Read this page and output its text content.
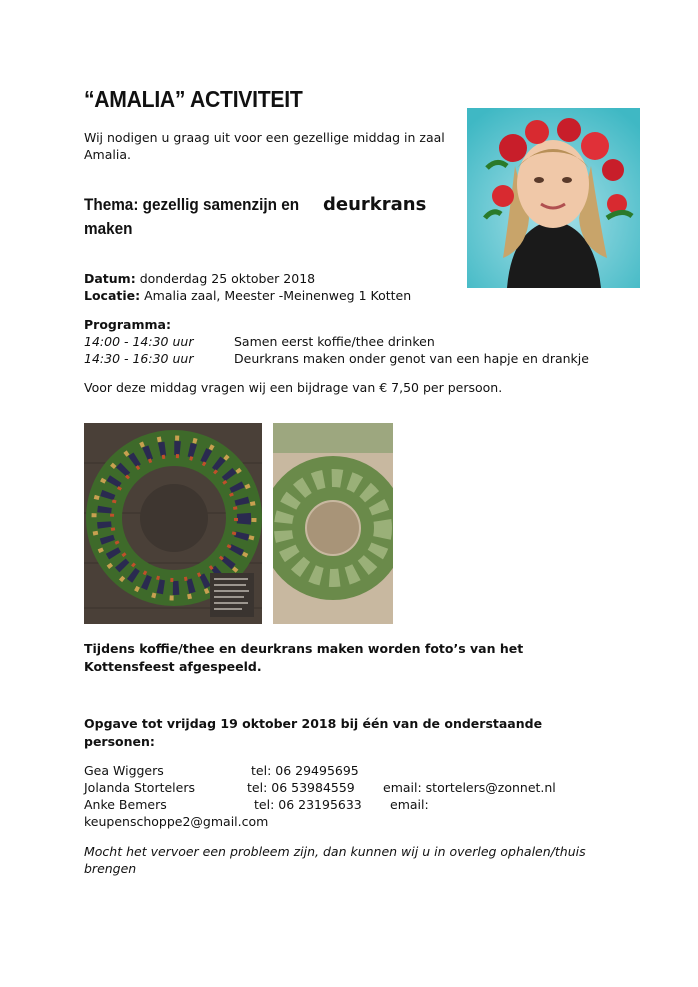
“AMALIA” ACTIVITEIT
Wij nodigen u graag uit voor een gezellige middag in zaal Amalia.
Thema: gezellig samenzijn endeurkrans
maken
Datum: donderdag 25 oktober 2018
Locatie: Amalia zaal, Meester -Meinenweg 1 Kotten
Programma:
14:00 - 14:30 uur	Samen eerst koffie/thee drinken
14:30 - 16:30 uur	Deurkrans maken onder genot van een hapje en drankje
Voor deze middag vragen wij een bijdrage van € 7,50 per persoon.
Tijdens koffie/thee en deurkrans maken worden foto’s van het Kottensfeest afgespeeld.
Opgave tot vrijdag 19 oktober 2018 bij één van de onderstaande personen:
Gea Wiggers	tel: 06 29495695
Jolanda Stortelers	tel: 06 53984559 email: stortelers@zonnet.nl
Anke Bemers	tel: 06 23195633 email:
keupenschoppe2@gmail.com
Mocht het vervoer een probleem zijn, dan kunnen wij u in overleg ophalen/thuis brengen
